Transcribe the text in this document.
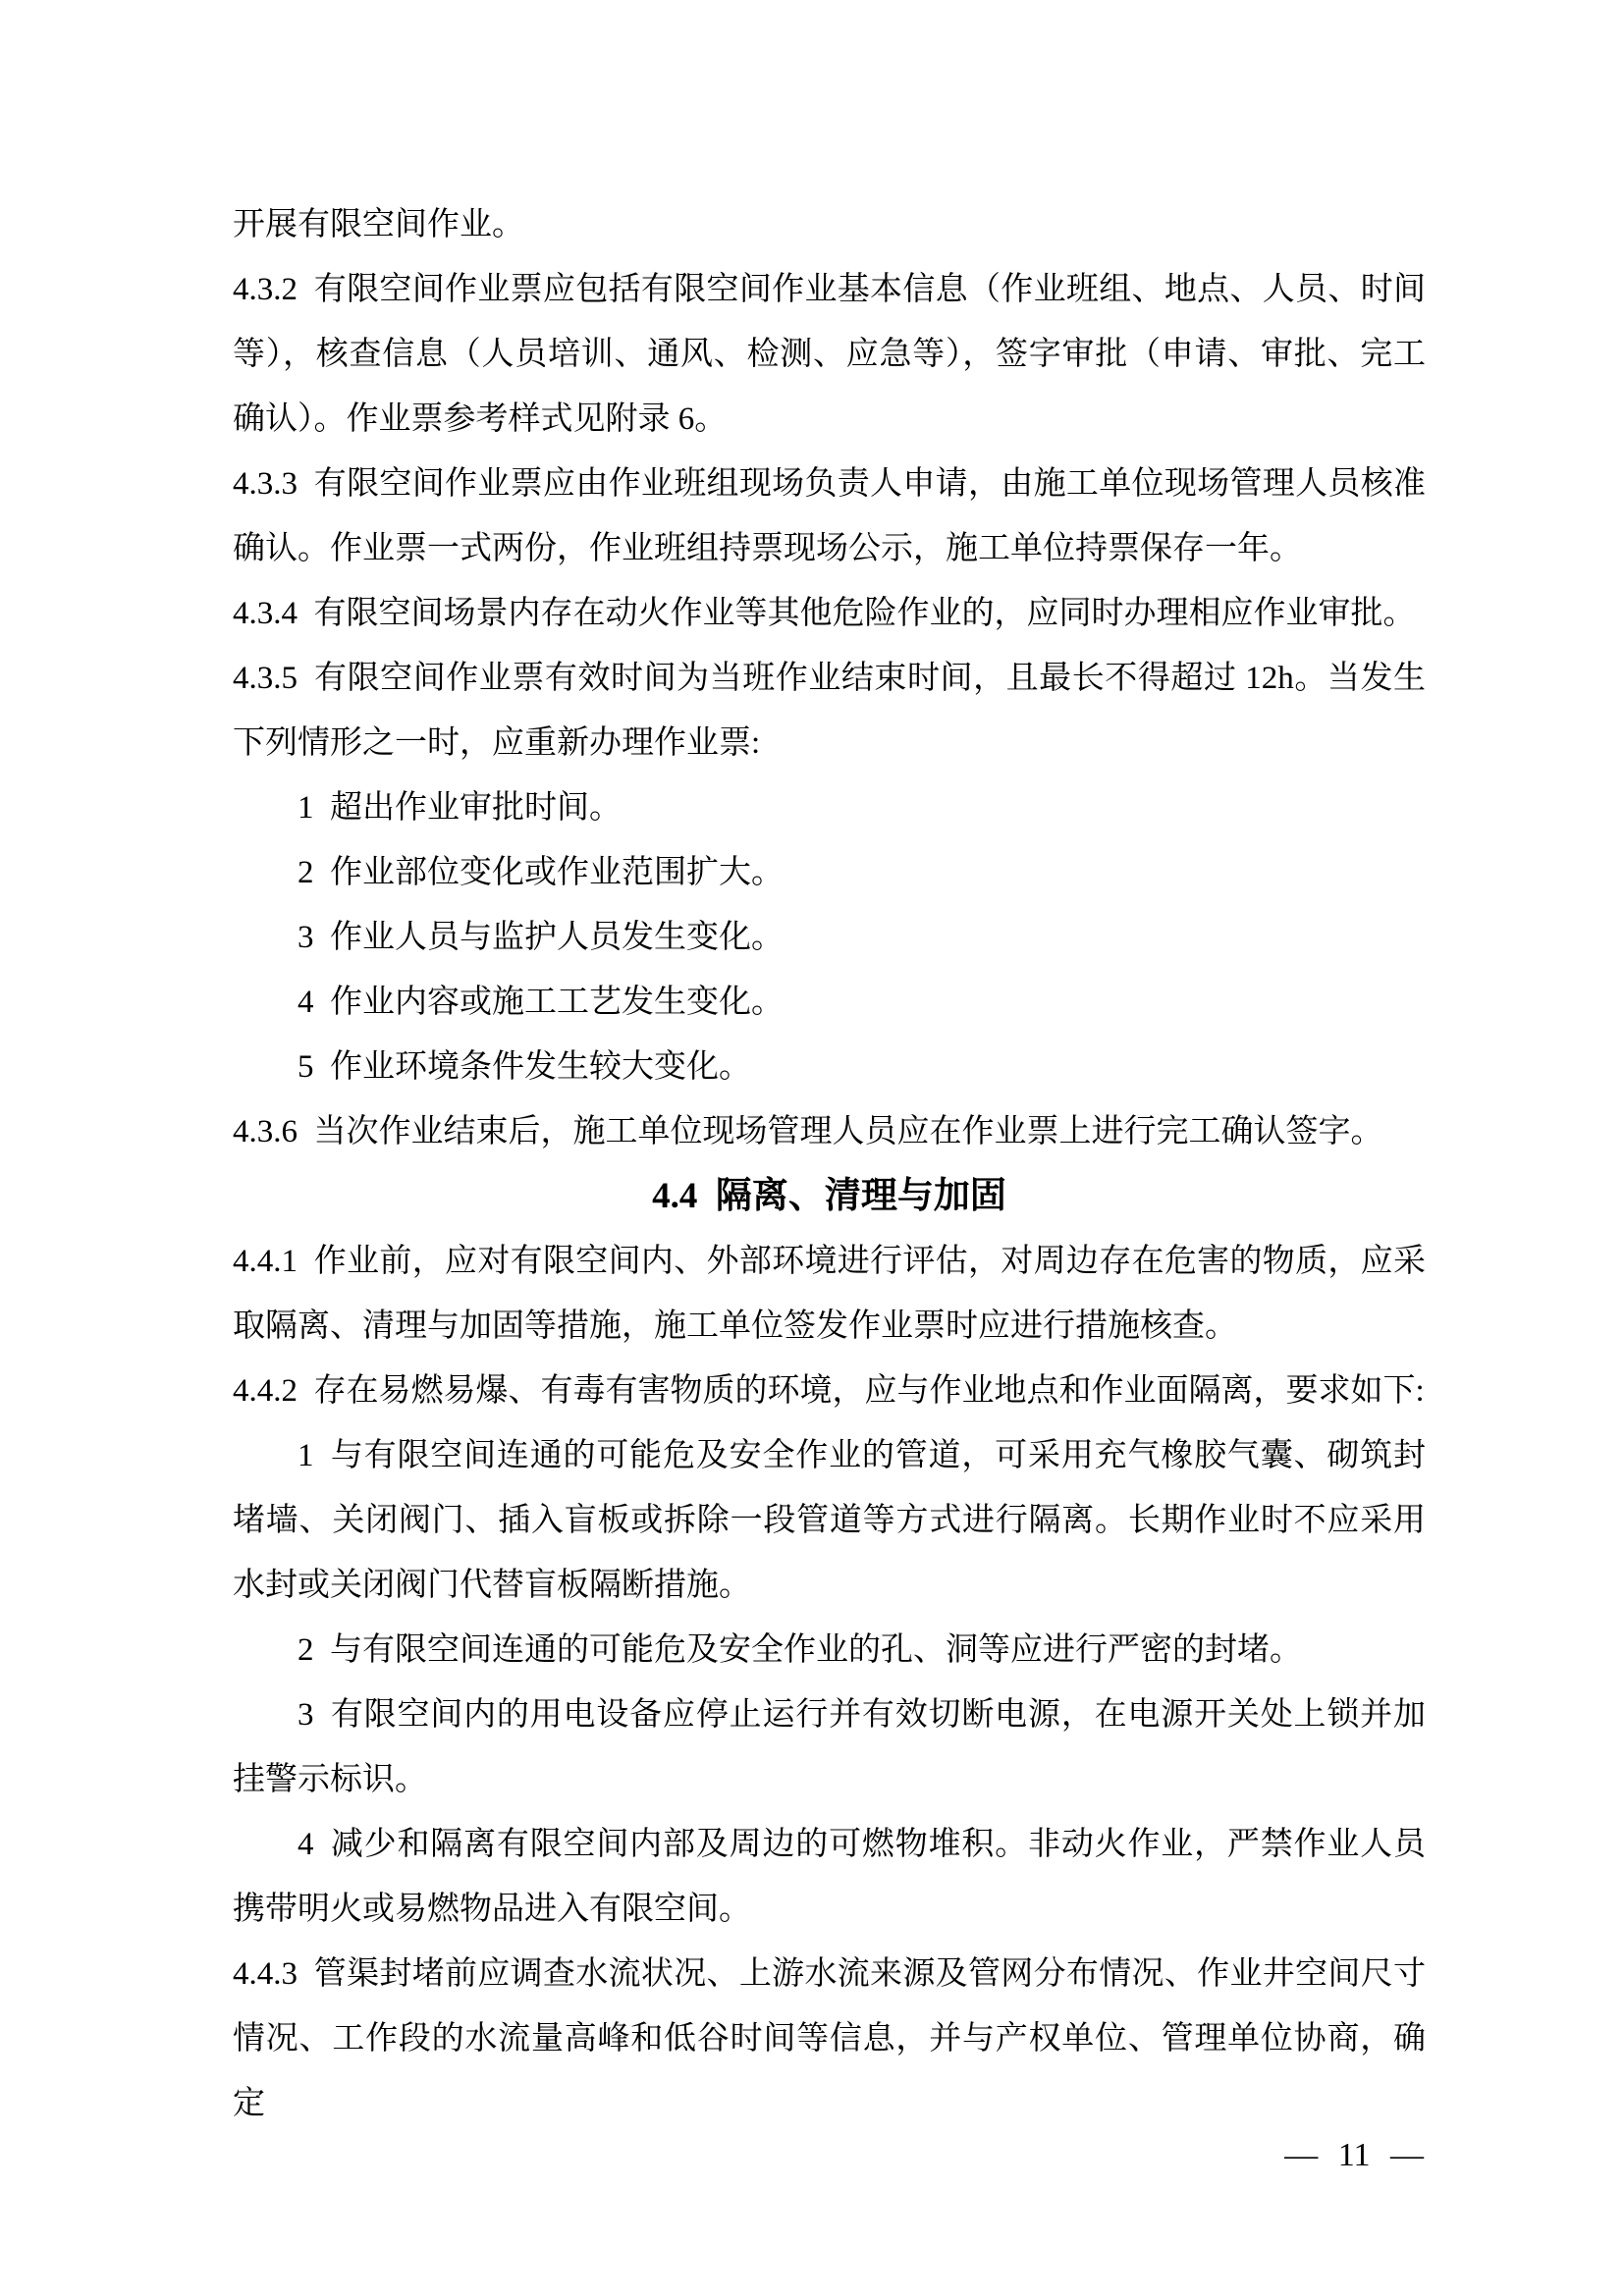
开展有限空间作业。

4.3.2 有限空间作业票应包括有限空间作业基本信息（作业班组、地点、人员、时间等），核查信息（人员培训、通风、检测、应急等），签字审批（申请、审批、完工确认）。作业票参考样式见附录 6。

4.3.3 有限空间作业票应由作业班组现场负责人申请，由施工单位现场管理人员核准确认。作业票一式两份，作业班组持票现场公示，施工单位持票保存一年。

4.3.4 有限空间场景内存在动火作业等其他危险作业的，应同时办理相应作业审批。

4.3.5 有限空间作业票有效时间为当班作业结束时间，且最长不得超过 12h。当发生下列情形之一时，应重新办理作业票:

1 超出作业审批时间。

2 作业部位变化或作业范围扩大。

3 作业人员与监护人员发生变化。

4 作业内容或施工工艺发生变化。

5 作业环境条件发生较大变化。

4.3.6 当次作业结束后，施工单位现场管理人员应在作业票上进行完工确认签字。

4.4 隔离、清理与加固

4.4.1 作业前，应对有限空间内、外部环境进行评估，对周边存在危害的物质，应采取隔离、清理与加固等措施，施工单位签发作业票时应进行措施核查。

4.4.2 存在易燃易爆、有毒有害物质的环境，应与作业地点和作业面隔离，要求如下:

1 与有限空间连通的可能危及安全作业的管道，可采用充气橡胶气囊、砌筑封堵墙、关闭阀门、插入盲板或拆除一段管道等方式进行隔离。长期作业时不应采用水封或关闭阀门代替盲板隔断措施。

2 与有限空间连通的可能危及安全作业的孔、洞等应进行严密的封堵。

3 有限空间内的用电设备应停止运行并有效切断电源，在电源开关处上锁并加挂警示标识。

4 减少和隔离有限空间内部及周边的可燃物堆积。非动火作业，严禁作业人员携带明火或易燃物品进入有限空间。

4.4.3 管渠封堵前应调查水流状况、上游水流来源及管网分布情况、作业井空间尺寸情况、工作段的水流量高峰和低谷时间等信息，并与产权单位、管理单位协商，确定

— 11 —
